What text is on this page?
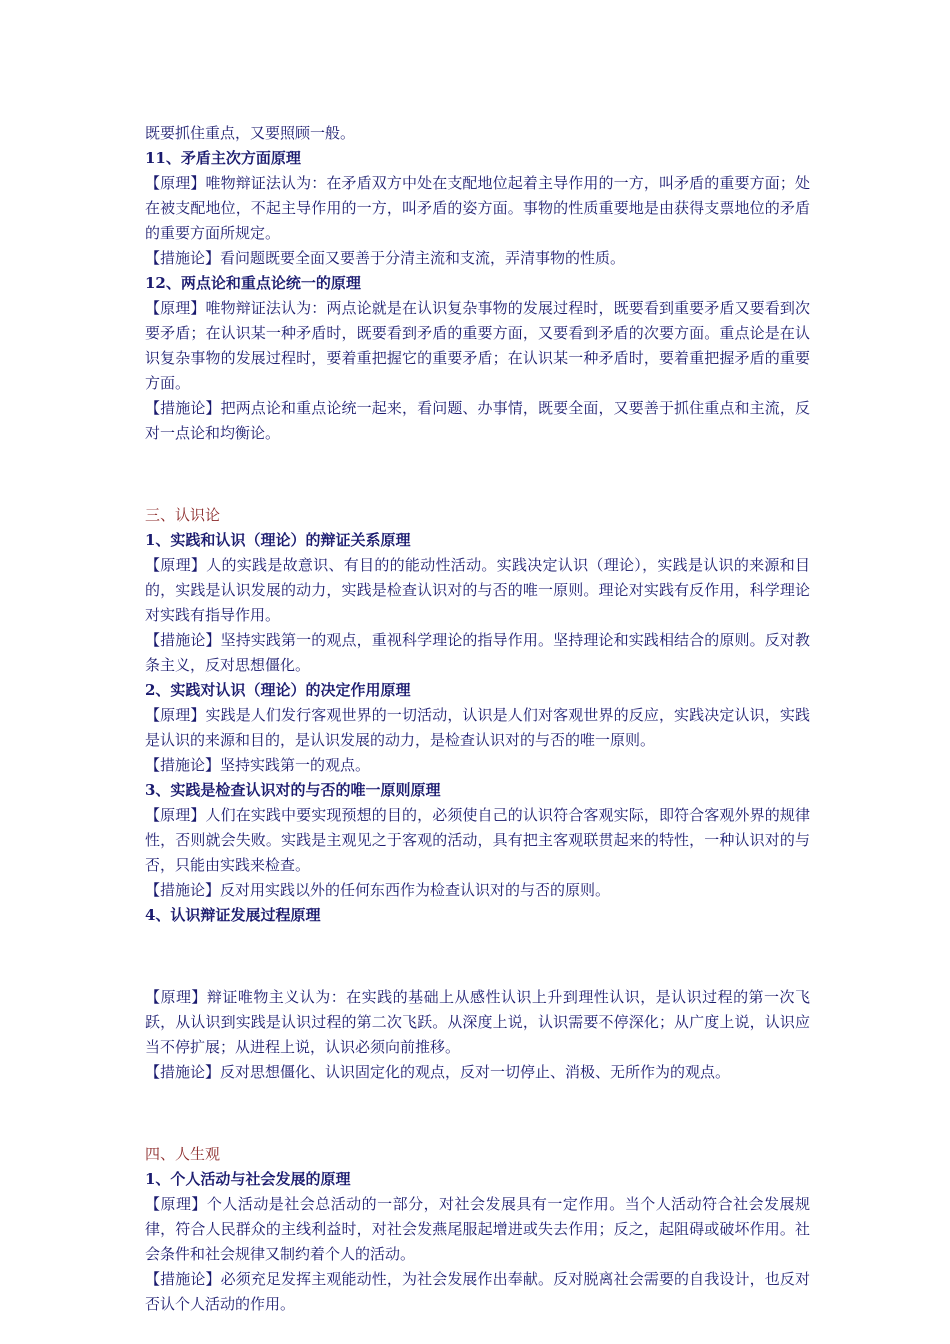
既要抓住重点，又要照顾一般。

11、矛盾主次方面原理

【原理】唯物辩证法认为：在矛盾双方中处在支配地位起着主导作用的一方，叫矛盾的重要方面；处在被支配地位，不起主导作用的一方，叫矛盾的姿方面。事物的性质重要地是由获得支票地位的矛盾的重要方面所规定。

【措施论】看问题既要全面又要善于分清主流和支流，弄清事物的性质。

12、两点论和重点论统一的原理

【原理】唯物辩证法认为：两点论就是在认识复杂事物的发展过程时，既要看到重要矛盾又要看到次要矛盾；在认识某一种矛盾时，既要看到矛盾的重要方面，又要看到矛盾的次要方面。重点论是在认识复杂事物的发展过程时，要着重把握它的重要矛盾；在认识某一种矛盾时，要着重把握矛盾的重要方面。

【措施论】把两点论和重点论统一起来，看问题、办事情，既要全面，又要善于抓住重点和主流，反对一点论和均衡论。

三、认识论

1、实践和认识（理论）的辩证关系原理

【原理】人的实践是故意识、有目的的能动性活动。实践决定认识（理论），实践是认识的来源和目的，实践是认识发展的动力，实践是检查认识对的与否的唯一原则。理论对实践有反作用，科学理论对实践有指导作用。

【措施论】坚持实践第一的观点，重视科学理论的指导作用。坚持理论和实践相结合的原则。反对教条主义，反对思想僵化。

2、实践对认识（理论）的决定作用原理

【原理】实践是人们发行客观世界的一切活动，认识是人们对客观世界的反应，实践决定认识，实践是认识的来源和目的，是认识发展的动力，是检查认识对的与否的唯一原则。

【措施论】坚持实践第一的观点。

3、实践是检查认识对的与否的唯一原则原理

【原理】人们在实践中要实现预想的目的，必须使自己的认识符合客观实际，即符合客观外界的规律性，否则就会失败。实践是主观见之于客观的活动，具有把主客观联贯起来的特性，一种认识对的与否，只能由实践来检查。

【措施论】反对用实践以外的任何东西作为检查认识对的与否的原则。

4、认识辩证发展过程原理

【原理】辩证唯物主义认为：在实践的基础上从感性认识上升到理性认识，是认识过程的第一次飞跃，从认识到实践是认识过程的第二次飞跃。从深度上说，认识需要不停深化；从广度上说，认识应当不停扩展；从进程上说，认识必须向前推移。

【措施论】反对思想僵化、认识固定化的观点，反对一切停止、消极、无所作为的观点。

四、人生观

1、个人活动与社会发展的原理

【原理】个人活动是社会总活动的一部分，对社会发展具有一定作用。当个人活动符合社会发展规律，符合人民群众的主线利益时，对社会发燕尾服起增进或失去作用；反之，起阻碍或破坏作用。社会条件和社会规律又制约着个人的活动。

【措施论】必须充足发挥主观能动性，为社会发展作出奉献。反对脱离社会需要的自我设计，也反对否认个人活动的作用。
